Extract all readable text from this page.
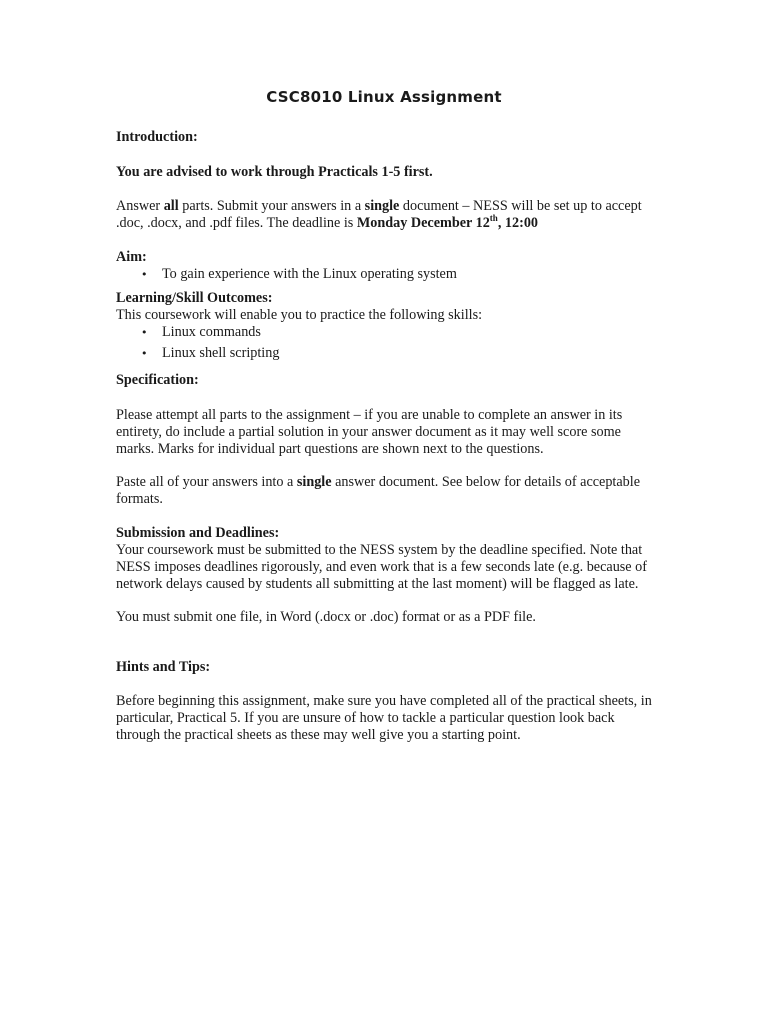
CSC8010 Linux Assignment

Introduction:

You are advised to work through Practicals 1-5 first.

Answer all parts. Submit your answers in a single document – NESS will be set up to accept .doc, .docx, and .pdf files. The deadline is Monday December 12th, 12:00

Aim:

• To gain experience with the Linux operating system

Learning/Skill Outcomes:

This coursework will enable you to practice the following skills:

• Linux commands
• Linux shell scripting

Specification:

Please attempt all parts to the assignment – if you are unable to complete an answer in its entirety, do include a partial solution in your answer document as it may well score some marks. Marks for individual part questions are shown next to the questions.

Paste all of your answers into a single answer document. See below for details of acceptable formats.

Submission and Deadlines:

Your coursework must be submitted to the NESS system by the deadline specified. Note that NESS imposes deadlines rigorously, and even work that is a few seconds late (e.g. because of network delays caused by students all submitting at the last moment) will be flagged as late.

You must submit one file, in Word (.docx or .doc) format or as a PDF file.

Hints and Tips:

Before beginning this assignment, make sure you have completed all of the practical sheets, in particular, Practical 5. If you are unsure of how to tackle a particular question look back through the practical sheets as these may well give you a starting point.
